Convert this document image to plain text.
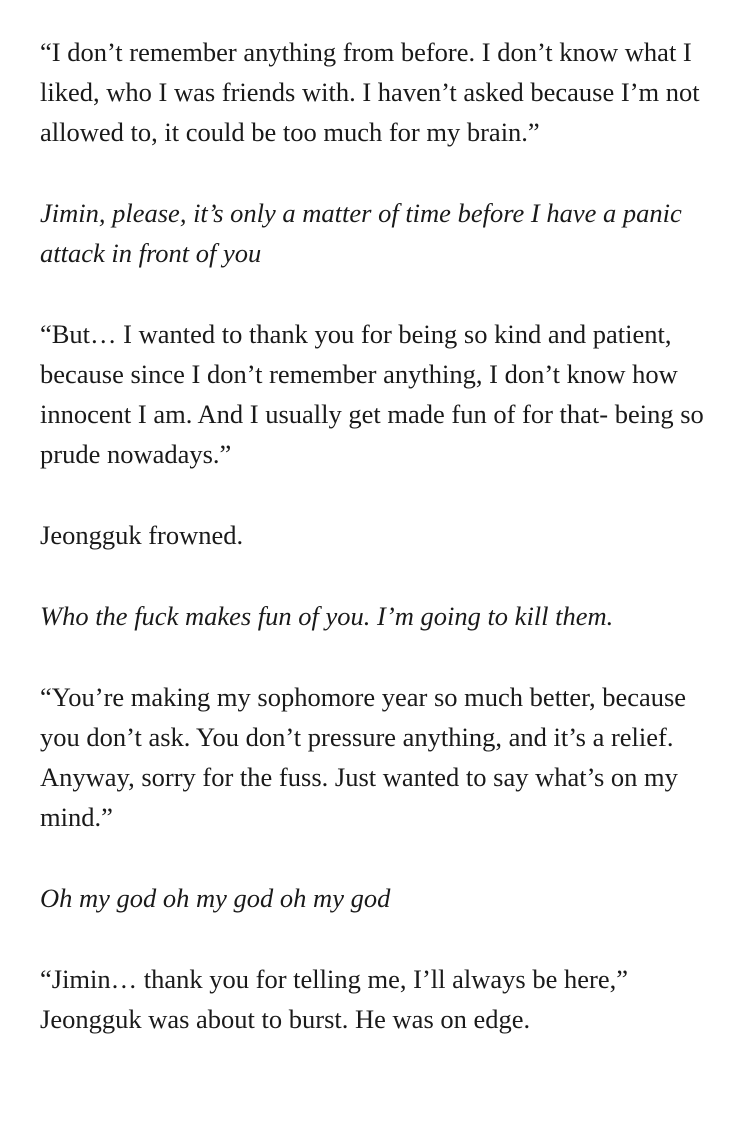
“I don’t remember anything from before. I don’t know what I liked, who I was friends with. I haven’t asked because I’m not allowed to, it could be too much for my brain.”

Jimin, please, it’s only a matter of time before I have a panic attack in front of you

“But… I wanted to thank you for being so kind and patient, because since I don’t remember anything, I don’t know how innocent I am. And I usually get made fun of for that- being so prude nowadays.”

Jeongguk frowned.

Who the fuck makes fun of you. I’m going to kill them.

“You’re making my sophomore year so much better, because you don’t ask. You don’t pressure anything, and it’s a relief. Anyway, sorry for the fuss. Just wanted to say what’s on my mind.”

Oh my god oh my god oh my god

“Jimin… thank you for telling me, I’ll always be here,” Jeongguk was about to burst. He was on edge.
